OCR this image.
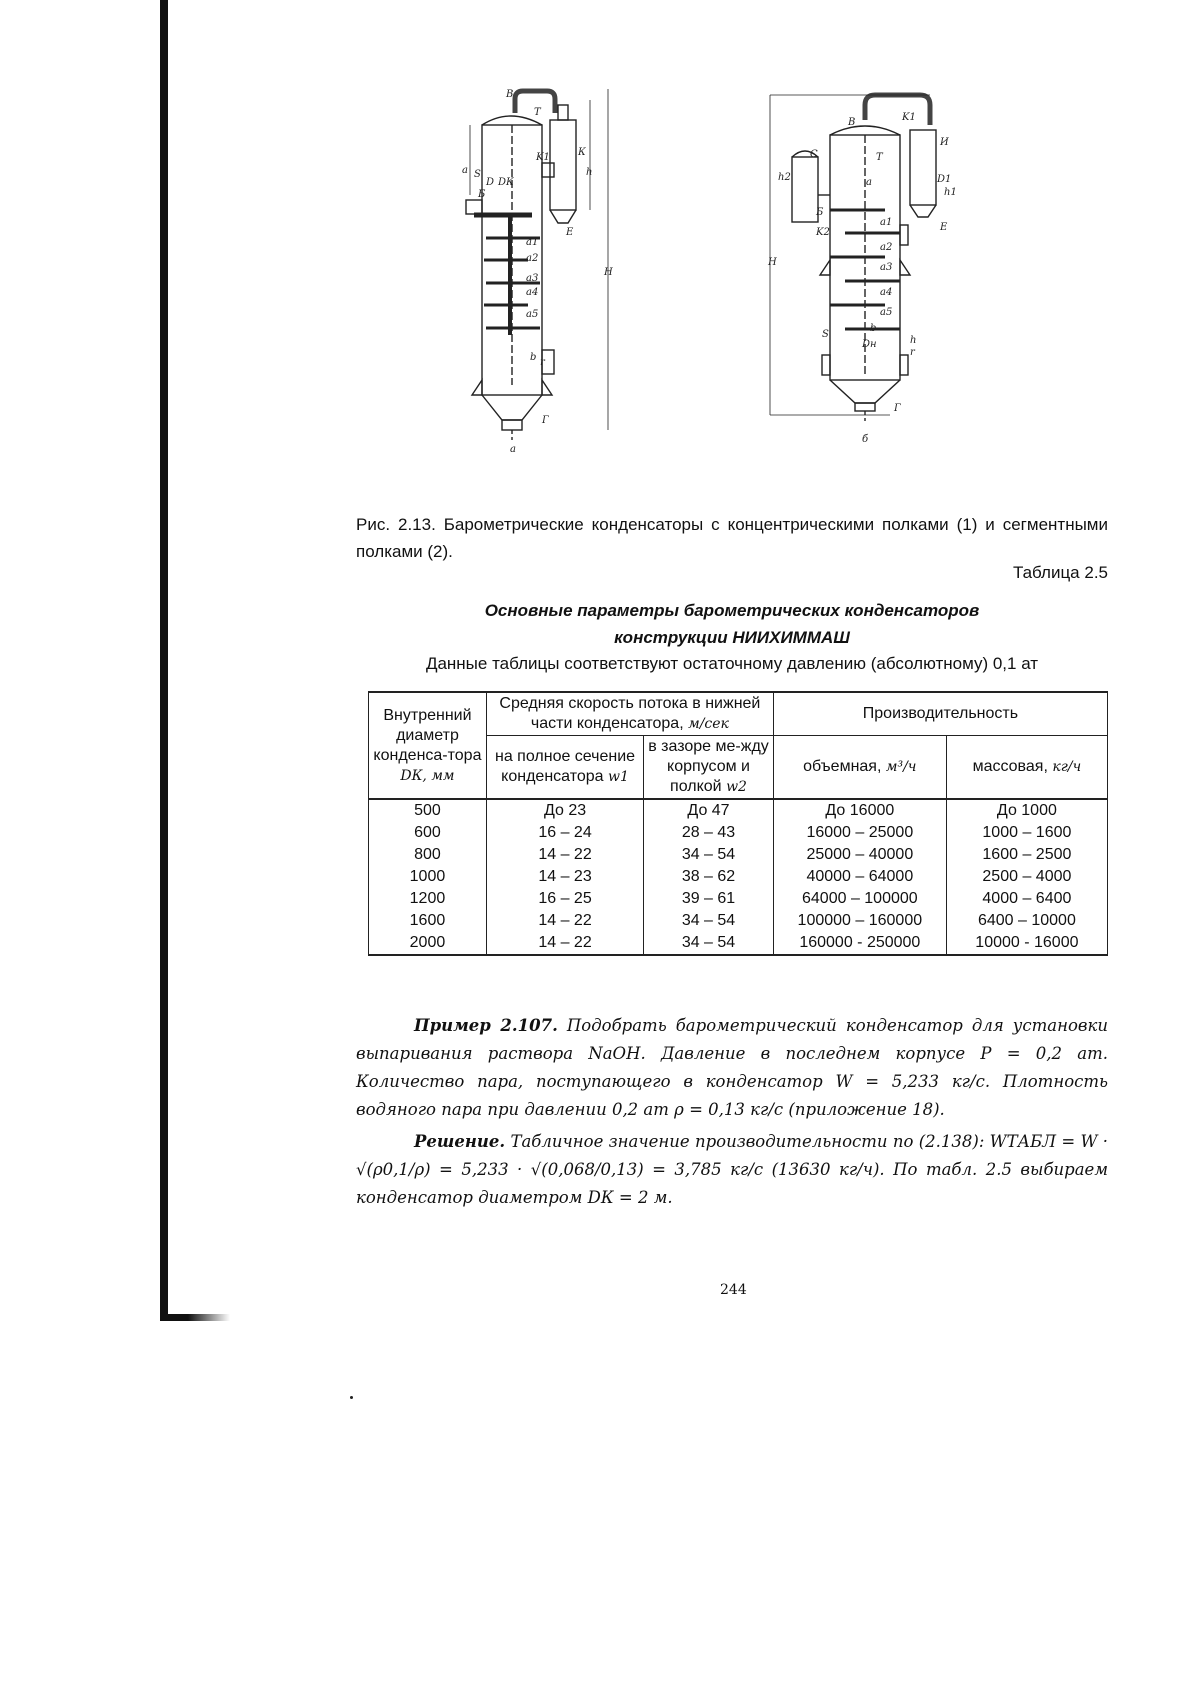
В
Т
а S
D DК
Б
h
К
K1
H
Е
a1
a2
a3
a4
a5
b r
Г
В	K1
С	Т
D1
h2	а
h1
И
Б
K2
H
Е
a1
a2
a3
a4
a5
S
b
Dн	h
r
Г
а
б
Рис. 2.13. Барометрические конденсаторы с концентрическими полками (1) и сегментными полками (2).
Таблица 2.5
Основные параметры барометрических конденсаторов
конструкции НИИХИММАШ
Данные таблицы соответствуют остаточному давлению (абсолютному) 0,1 ат
Внутренний диаметр конденса-тора
DК, мм	Средняя скорость потока в нижней части конденсатора, м/сек		Производительность	
	на полное сечение конденсатора w1	в зазоре ме-жду корпусом и полкой w2	объемная, м³/ч	массовая, кг/ч
500	До 23	До 47	До 16000	До 1000
600	16 – 24	28 – 43	16000 – 25000	1000 – 1600
800	14 – 22	34 – 54	25000 – 40000	1600 – 2500
1000	14 – 23	38 – 62	40000 – 64000	2500 – 4000
1200	16 – 25	39 – 61	64000 – 100000	4000 – 6400
1600	14 – 22	34 – 54	100000 – 160000	6400 – 10000
2000	14 – 22	34 – 54	160000 - 250000	10000 - 16000

Пример 2.107. Подобрать барометрический конденсатор для установки выпаривания раствора NaOH. Давление в последнем корпусе P = 0,2 ат. Количество пара, поступающего в конденсатор W = 5,233 кг/с. Плотность водяного пара при давлении 0,2 ат ρ = 0,13 кг/с (приложение 18).

Решение. Табличное значение производительности по (2.138): WТАБЛ = W · √(ρ0,1/ρ) = 5,233 · √(0,068/0,13) = 3,785 кг/с (13630 кг/ч). По табл. 2.5 выбираем конденсатор диаметром DК = 2 м.

244
